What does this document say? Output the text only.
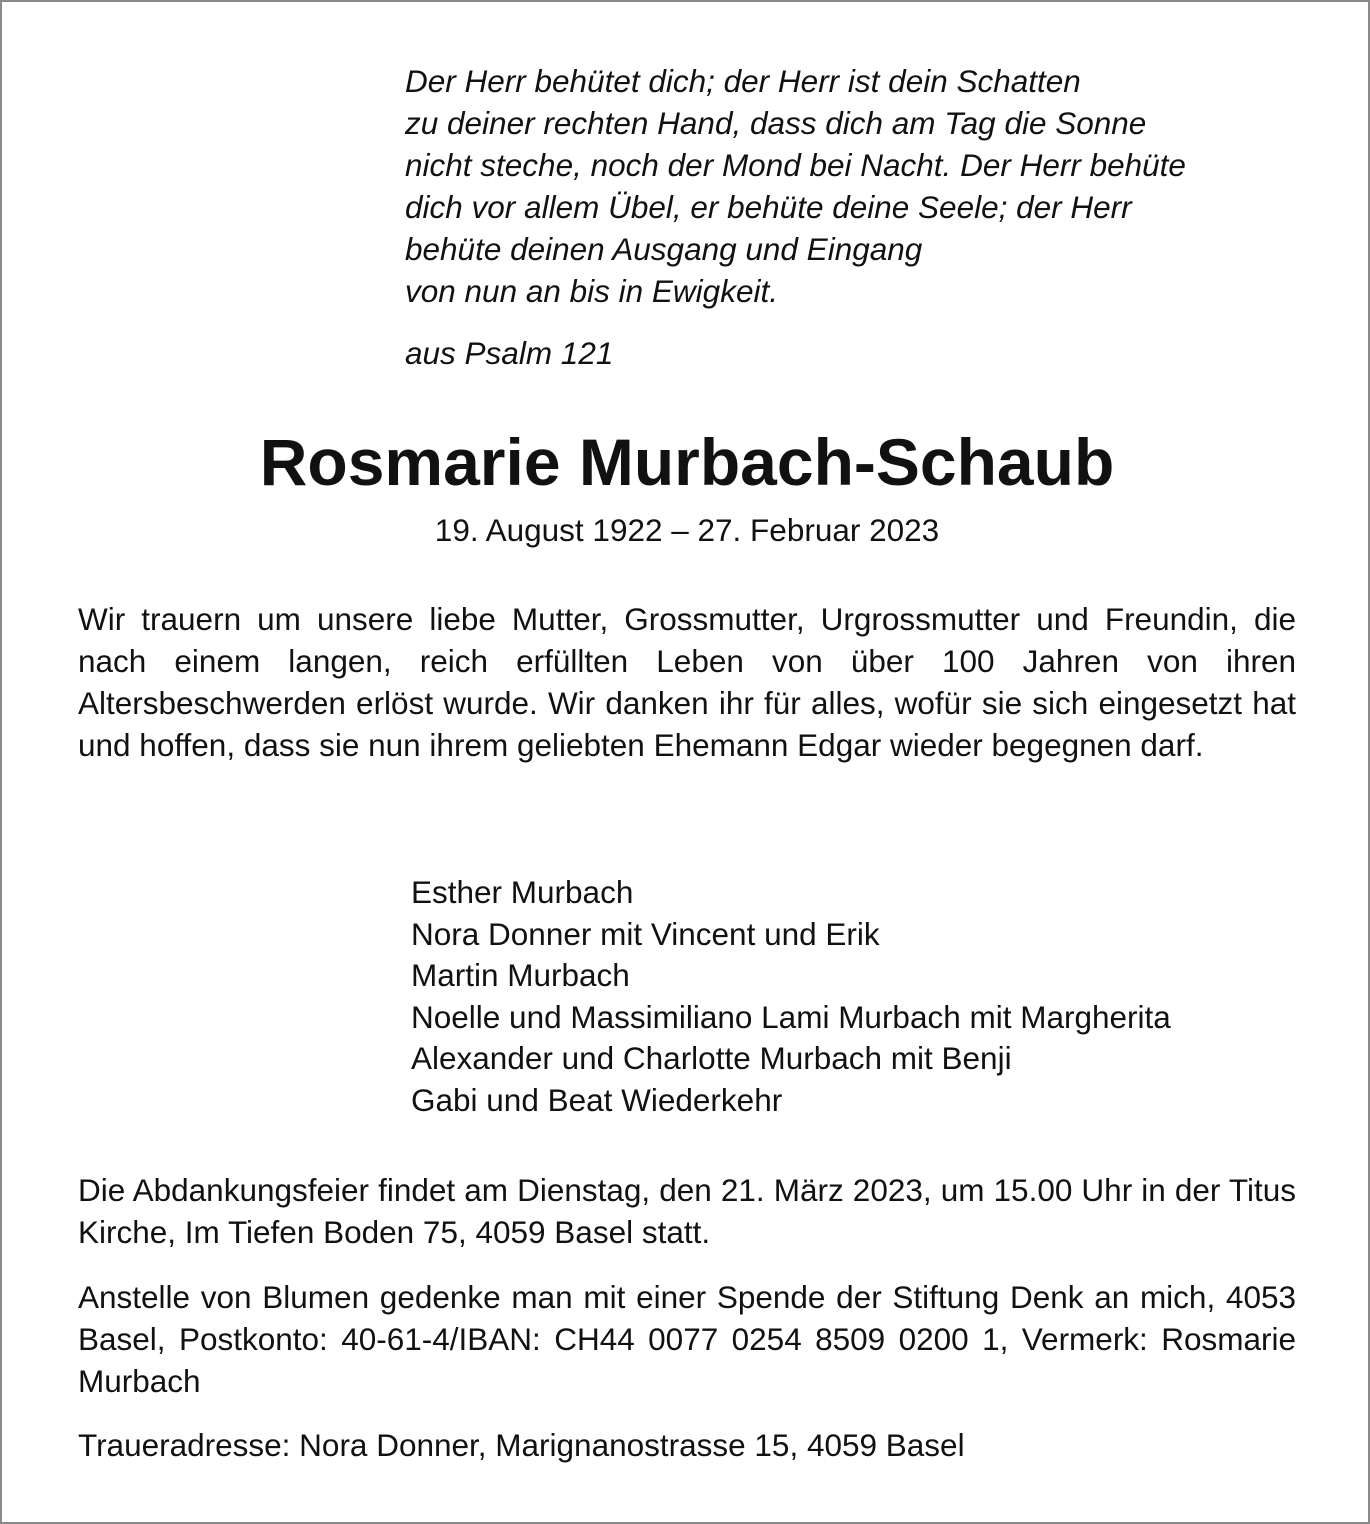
Der Herr behütet dich; der Herr ist dein Schatten
zu deiner rechten Hand, dass dich am Tag die Sonne
nicht steche, noch der Mond bei Nacht. Der Herr behüte
dich vor allem Übel, er behüte deine Seele; der Herr
behüte deinen Ausgang und Eingang
von nun an bis in Ewigkeit.
aus Psalm 121
Rosmarie Murbach-Schaub
19. August 1922 – 27. Februar 2023

Wir trauern um unsere liebe Mutter, Grossmutter, Urgrossmutter und Freundin, die nach einem langen, reich erfüllten Leben von über 100 Jahren von ihren Altersbeschwerden erlöst wurde. Wir danken ihr für alles, wofür sie sich eingesetzt hat und hoffen, dass sie nun ihrem geliebten Ehemann Edgar wieder begegnen darf.

Esther Murbach
Nora Donner mit Vincent und Erik
Martin Murbach
Noelle und Massimiliano Lami Murbach mit Margherita
Alexander und Charlotte Murbach mit Benji
Gabi und Beat Wiederkehr

Die Abdankungsfeier findet am Dienstag, den 21. März 2023, um 15.00 Uhr in der Titus Kirche, Im Tiefen Boden 75, 4059 Basel statt.

Anstelle von Blumen gedenke man mit einer Spende der Stiftung Denk an mich, 4053 Basel, Postkonto: 40-61-4/IBAN: CH44 0077 0254 8509 0200 1, Vermerk: Rosmarie Murbach

Traueradresse: Nora Donner, Marignanostrasse 15, 4059 Basel
